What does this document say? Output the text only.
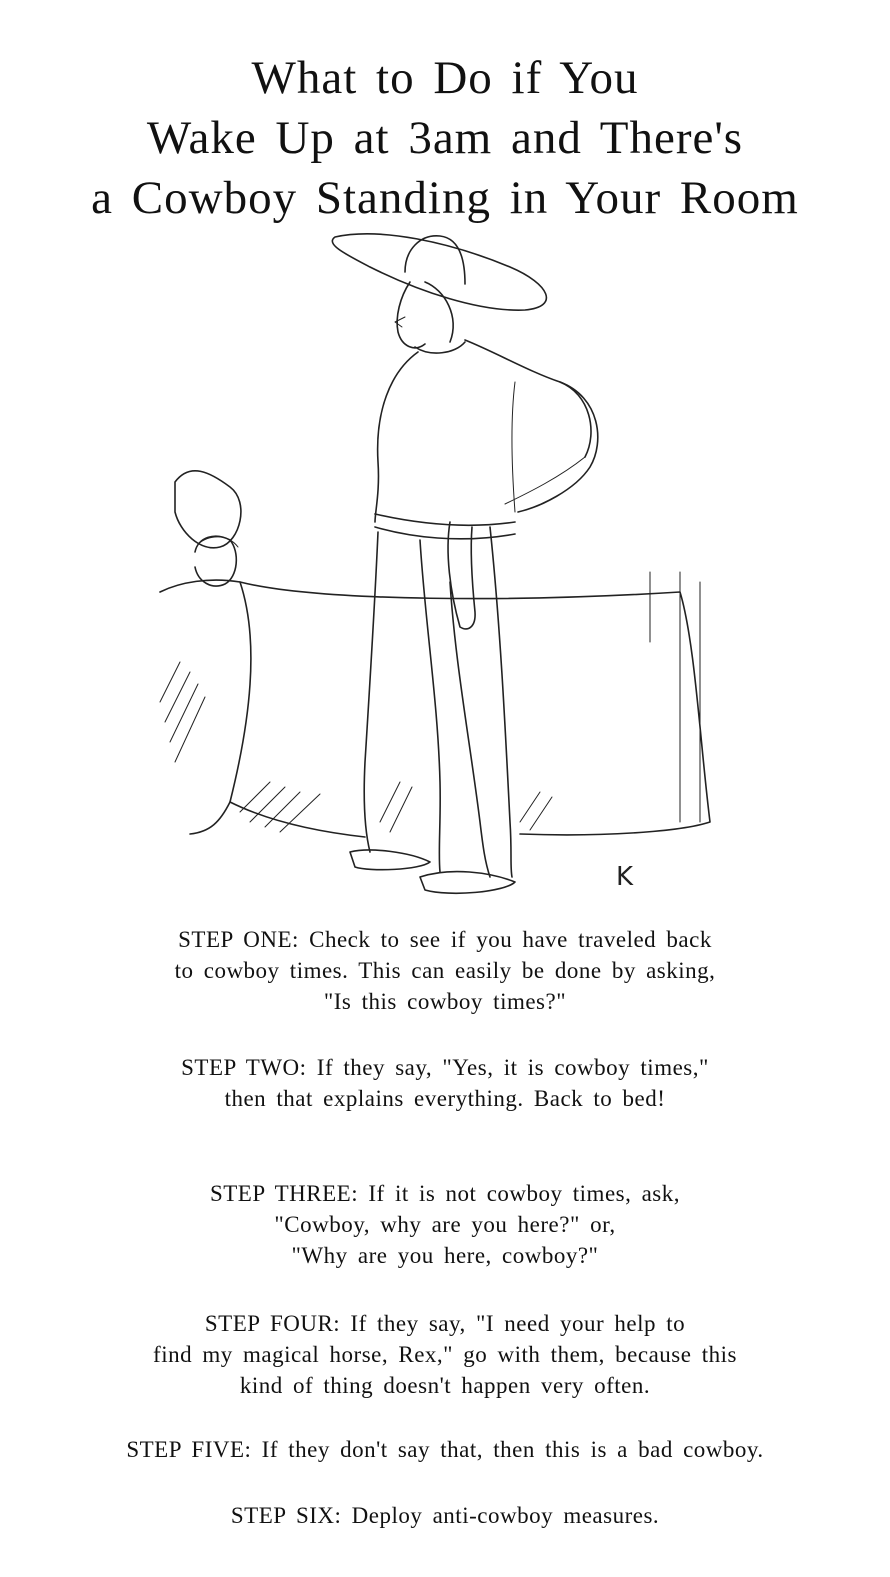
What to Do if You
Wake Up at 3am and There's
a Cowboy Standing in Your Room
K
STEP ONE: Check to see if you have traveled back
to cowboy times. This can easily be done by asking,
"Is this cowboy times?"
STEP TWO: If they say, "Yes, it is cowboy times,"
then that explains everything. Back to bed!
STEP THREE: If it is not cowboy times, ask,
"Cowboy, why are you here?" or,
"Why are you here, cowboy?"
STEP FOUR: If they say, "I need your help to
find my magical horse, Rex," go with them, because this
kind of thing doesn't happen very often.
STEP FIVE: If they don't say that, then this is a bad cowboy.
STEP SIX: Deploy anti-cowboy measures.
